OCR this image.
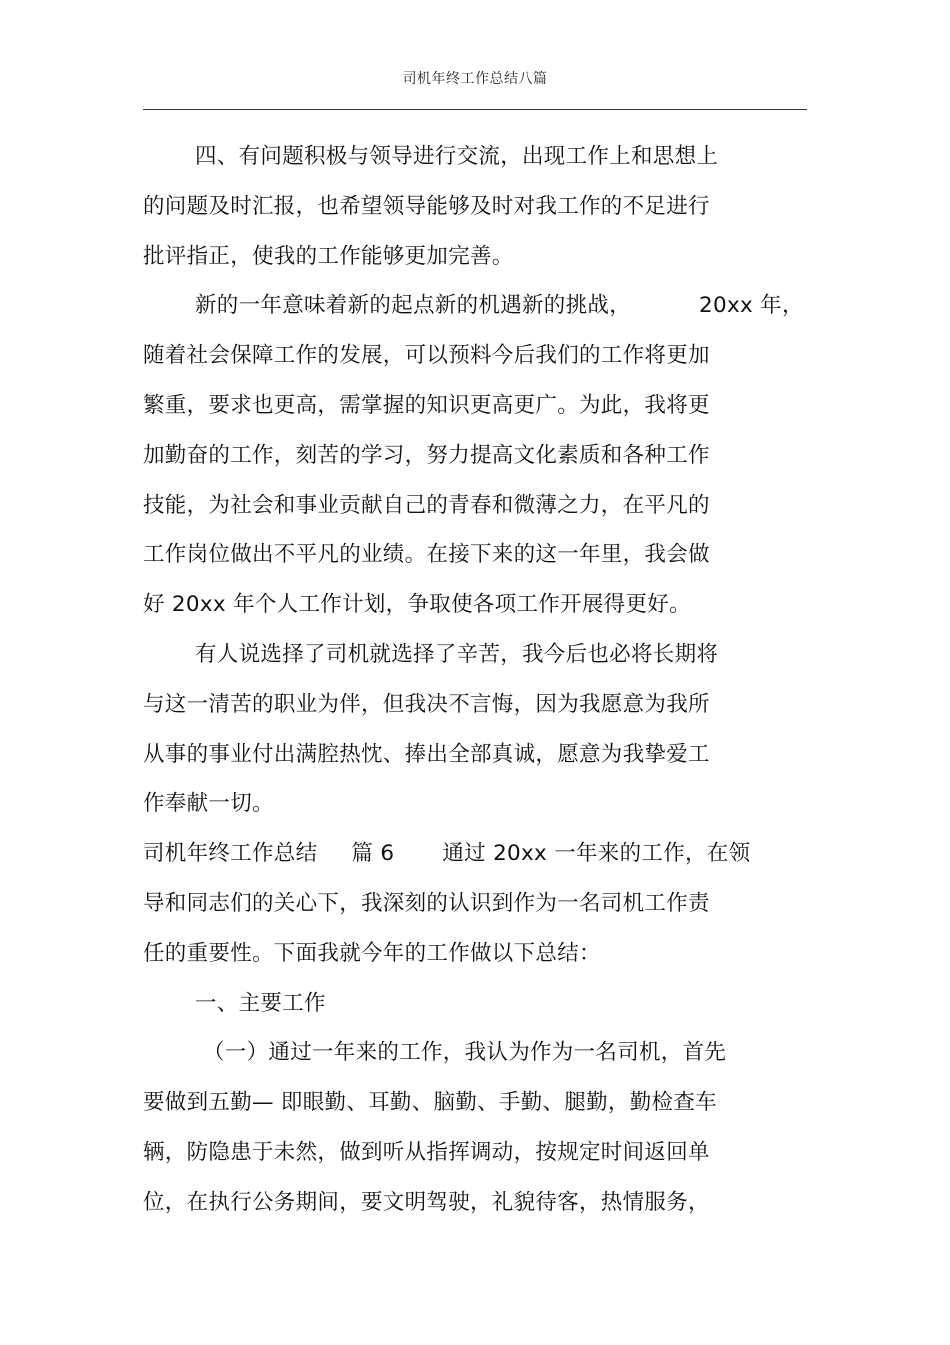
司机年终工作总结八篇
四、有问题积极与领导进行交流，出现工作上和思想上
的问题及时汇报，也希望领导能够及时对我工作的不足进行
批评指正，使我的工作能够更加完善。
新的一年意味着新的起点新的机遇新的挑战，	20xx 年，
随着社会保障工作的发展，可以预料今后我们的工作将更加
繁重，要求也更高，需掌握的知识更高更广。为此，我将更
加勤奋的工作，刻苦的学习，努力提高文化素质和各种工作
技能，为社会和事业贡献自己的青春和微薄之力，在平凡的
工作岗位做出不平凡的业绩。在接下来的这一年里，我会做
好 20xx 年个人工作计划，争取使各项工作开展得更好。
有人说选择了司机就选择了辛苦，我今后也必将长期将
与这一清苦的职业为伴，但我决不言悔，因为我愿意为我所
从事的事业付出满腔热忱、捧出全部真诚，愿意为我挚爱工
作奉献一切。
司机年终工作总结 篇 6 通过 20xx 一年来的工作，在领
导和同志们的关心下，我深刻的认识到作为一名司机工作责
任的重要性。下面我就今年的工作做以下总结：
一、主要工作
（一）通过一年来的工作，我认为作为一名司机，首先
要做到五勤— 即眼勤、耳勤、脑勤、手勤、腿勤，勤检查车
辆，防隐患于未然，做到听从指挥调动，按规定时间返回单
位，在执行公务期间，要文明驾驶，礼貌待客，热情服务，
